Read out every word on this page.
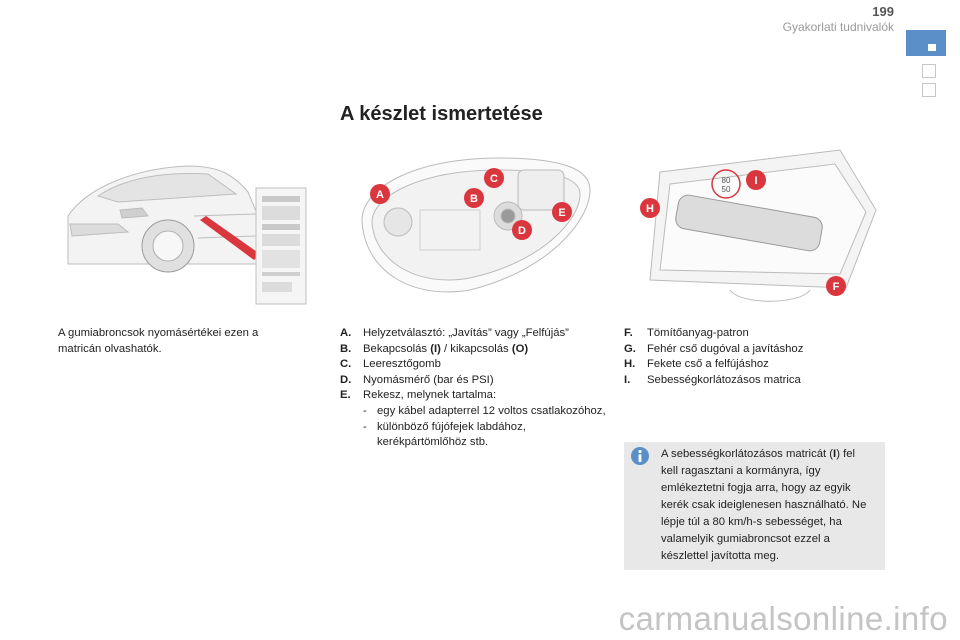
199
Gyakorlati tudnivalók
A készlet ismertetése
A	B
C
D
E
80
50
I
H
F
A gumiabroncsok nyomásértékei ezen a matricán olvashatók.
A. Helyzetválasztó: „Javítás” vagy „Felfújás”
B. Bekapcsolás (I) / kikapcsolás (O)
C. Leeresztőgomb
D. Nyomásmérő (bar és PSI)
E. Rekesz, melynek tartalma:
- egy kábel adapterrel 12 voltos csatlakozóhoz,
- különböző fújófejek labdához, kerékpártömlőhöz stb.
F. Tömítőanyag-patron
G. Fehér cső dugóval a javításhoz
H. Fekete cső a felfújáshoz
I. Sebességkorlátozásos matrica
A sebességkorlátozásos matricát (I) fel kell ragasztani a kormányra, így emlékeztetni fogja arra, hogy az egyik kerék csak ideiglenesen használható. Ne lépje túl a 80 km/h-s sebességet, ha valamelyik gumiabroncsot ezzel a készlettel javította meg.
carmanualsonline.info
